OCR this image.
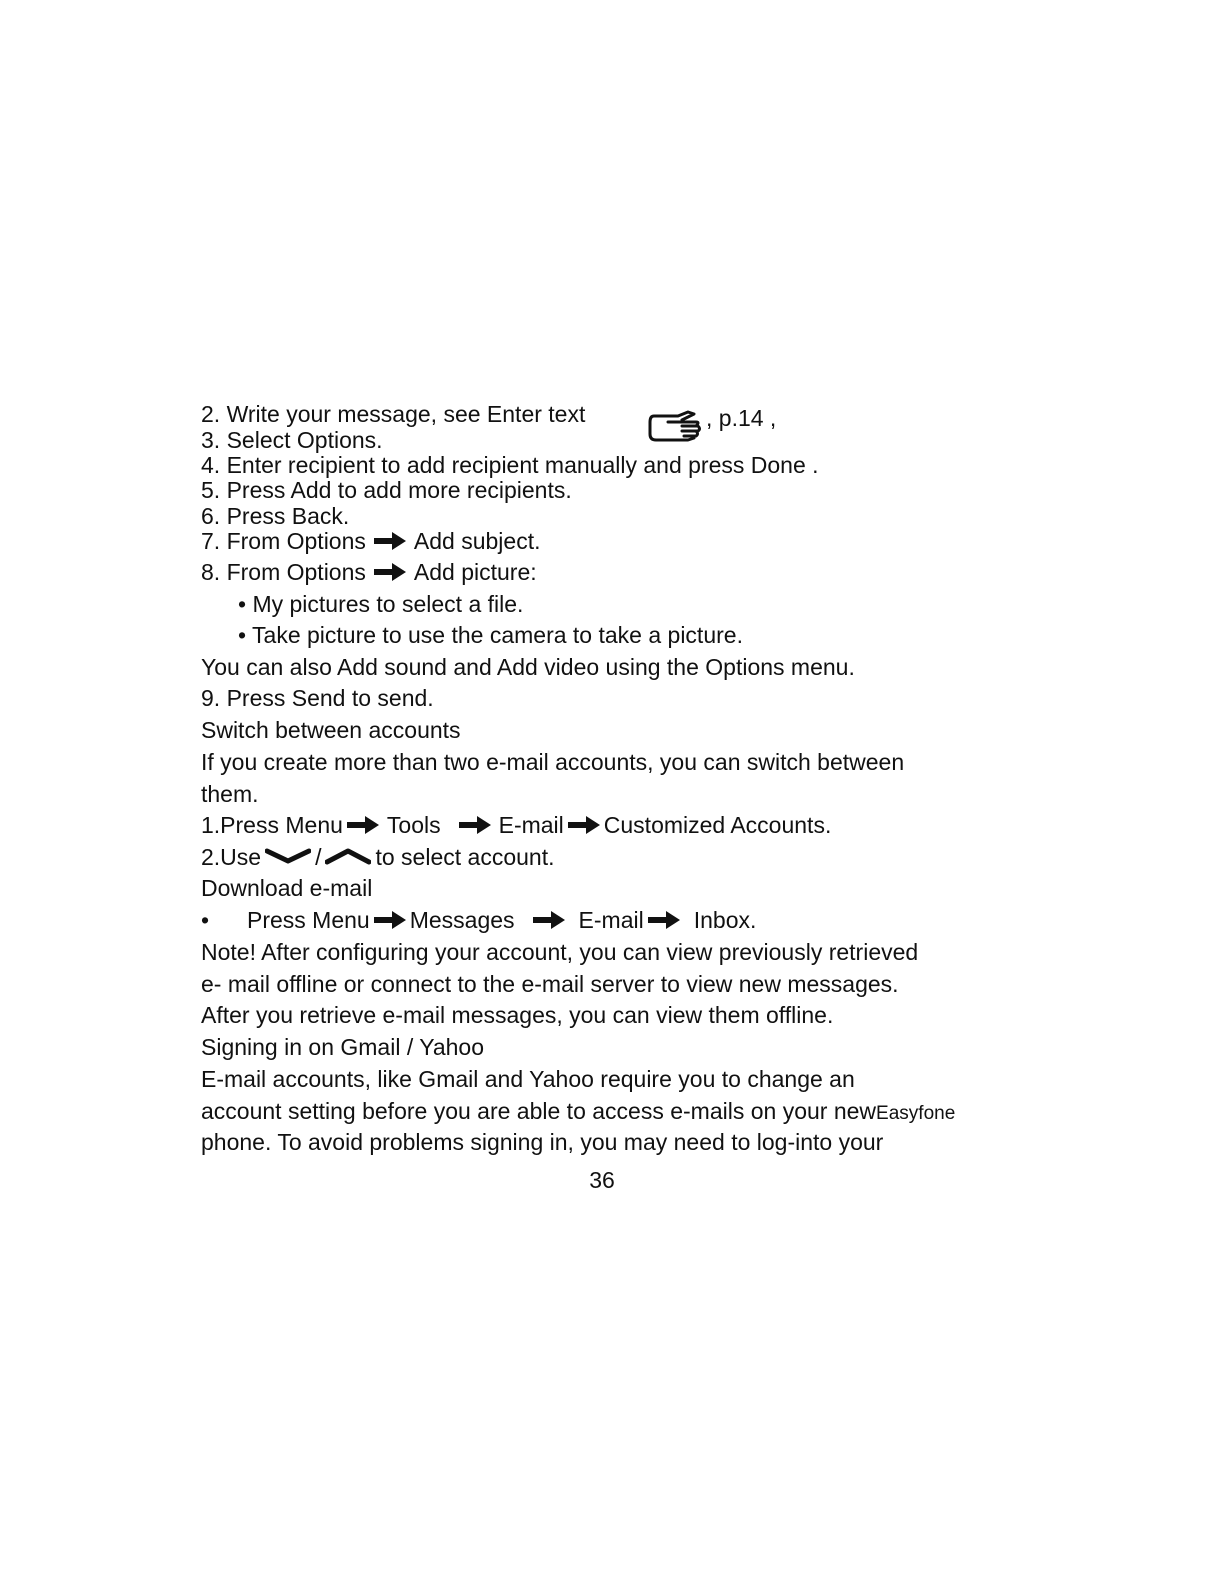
2. Write your message, see Enter text	, p.14 ,
3. Select Options.
4. Enter recipient to add recipient manually and press Done .
5. Press Add to add more recipients.
6. Press Back.
7. From Options Add subject.
8. From Options Add picture:
• My pictures to select a file.
• Take picture to use the camera to take a picture.
You can also Add sound and Add video using the Options menu.
9. Press Send to send.
Switch between accounts
If you create more than two e-mail accounts, you can switch between
them.
1.Press Menu Tools	E-mail Customized Accounts.
2.Use / to select account.
Download e-mail
• Press Menu Messages	E-mail Inbox.
Note! After configuring your account, you can view previously retrieved
e- mail offline or connect to the e-mail server to view new messages.
After you retrieve e-mail messages, you can view them offline.
Signing in on Gmail / Yahoo
E-mail accounts, like Gmail and Yahoo require you to change an
account setting before you are able to access e-mails on your newEasyfone
phone. To avoid problems signing in, you may need to log-into your
36
